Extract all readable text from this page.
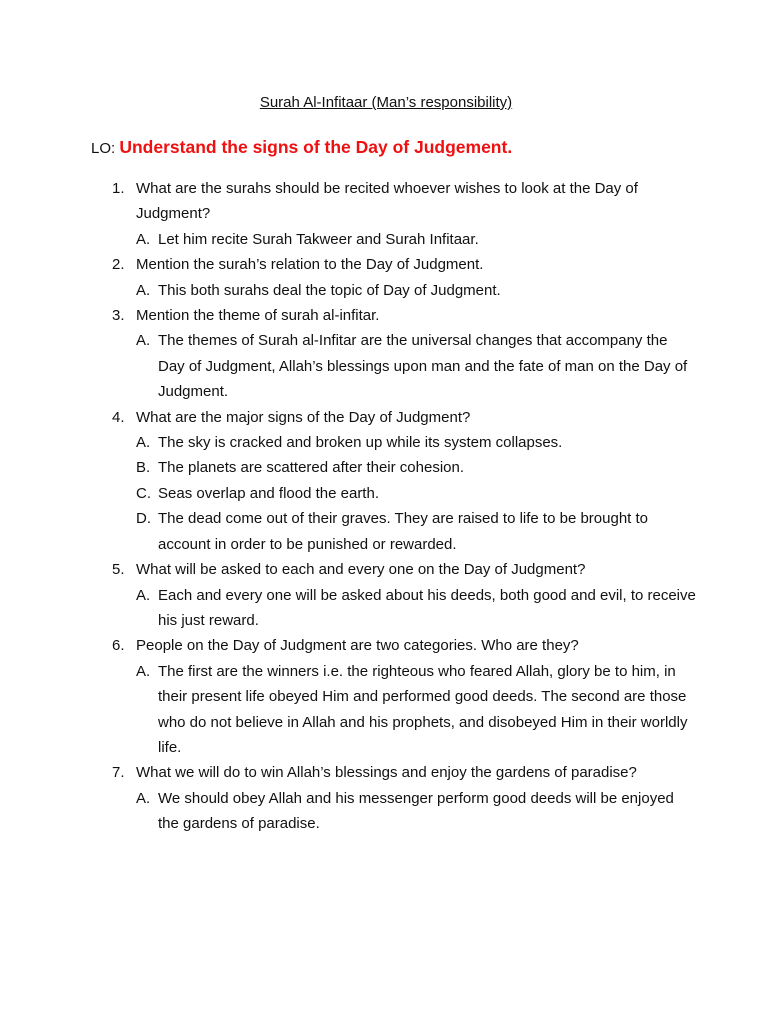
Surah Al-Infitaar (Man’s responsibility)

LO: Understand the signs of the Day of Judgement.
1. What are the surahs should be recited whoever wishes to look at the Day of Judgment?
A. Let him recite Surah Takweer and Surah Infitaar.
2. Mention the surah’s relation to the Day of Judgment.
A. This both surahs deal the topic of Day of Judgment.
3. Mention the theme of surah al-infitar.
A. The themes of Surah al-Infitar are the universal changes that accompany the Day of Judgment, Allah’s blessings upon man and the fate of man on the Day of Judgment.
4. What are the major signs of the Day of Judgment?
A. The sky is cracked and broken up while its system collapses.
B. The planets are scattered after their cohesion.
C. Seas overlap and flood the earth.
D. The dead come out of their graves. They are raised to life to be brought to account in order to be punished or rewarded.
5. What will be asked to each and every one on the Day of Judgment?
A. Each and every one will be asked about his deeds, both good and evil, to receive his just reward.
6. People on the Day of Judgment are two categories. Who are they?
A. The first are the winners i.e. the righteous who feared Allah, glory be to him, in their present life obeyed Him and performed good deeds. The second are those who do not believe in Allah and his prophets, and disobeyed Him in their worldly life.
7. What we will do to win Allah’s blessings and enjoy the gardens of paradise?
A. We should obey Allah and his messenger perform good deeds will be enjoyed the gardens of paradise.
